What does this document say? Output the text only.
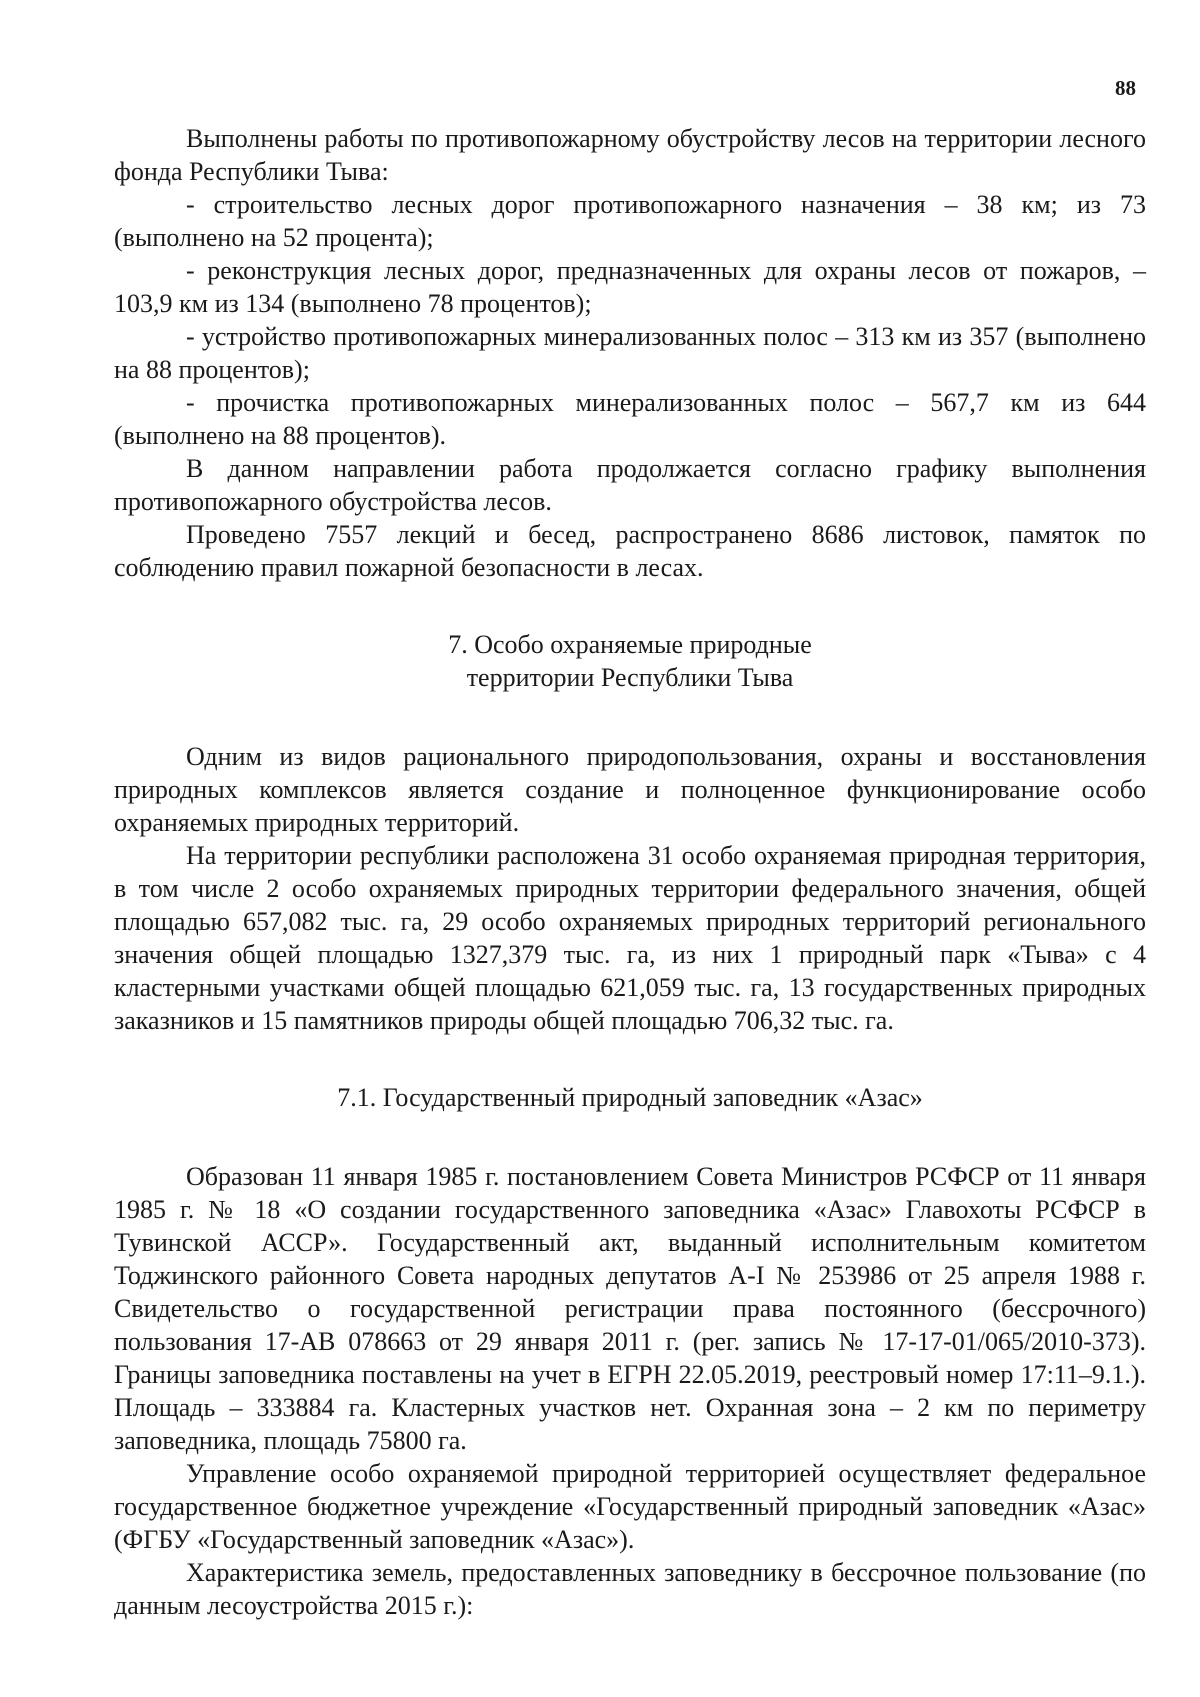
88

Выполнены работы по противопожарному обустройству лесов на территории лесного фонда Республики Тыва:

- строительство лесных дорог противопожарного назначения – 38 км; из 73 (выполнено на 52 процента);

- реконструкция лесных дорог, предназначенных для охраны лесов от пожаров, – 103,9 км из 134 (выполнено 78 процентов);

- устройство противопожарных минерализованных полос – 313 км из 357 (выполнено на 88 процентов);

- прочистка противопожарных минерализованных полос – 567,7 км из 644 (выполнено на 88 процентов).

В данном направлении работа продолжается согласно графику выполнения противопожарного обустройства лесов.

Проведено 7557 лекций и бесед, распространено 8686 листовок, памяток по соблюдению правил пожарной безопасности в лесах.

7. Особо охраняемые природные

территории Республики Тыва

Одним из видов рационального природопользования, охраны и восстановления природных комплексов является создание и полноценное функционирование особо охраняемых природных территорий.

На территории республики расположена 31 особо охраняемая природная территория, в том числе 2 особо охраняемых природных территории федерального значения, общей площадью 657,082 тыс. га, 29 особо охраняемых природных территорий регионального значения общей площадью 1327,379 тыс. га, из них 1 природный парк «Тыва» с 4 кластерными участками общей площадью 621,059 тыс. га, 13 государственных природных заказников и 15 памятников природы общей площадью 706,32 тыс. га.

7.1. Государственный природный заповедник «Азас»

Образован 11 января 1985 г. постановлением Совета Министров РСФСР от 11 января 1985 г. № 18 «О создании государственного заповедника «Азас» Главохоты РСФСР в Тувинской АССР». Государственный акт, выданный исполнительным комитетом Тоджинского районного Совета народных депутатов А-I № 253986 от 25 апреля 1988 г. Свидетельство о государственной регистрации права постоянного (бессрочного) пользования 17-АВ 078663 от 29 января 2011 г. (рег. запись № 17-17-01/065/2010-373). Границы заповедника поставлены на учет в ЕГРН 22.05.2019, реестровый номер 17:11–9.1.). Площадь – 333884 га. Кластерных участков нет. Охранная зона – 2 км по периметру заповедника, площадь 75800 га.

Управление особо охраняемой природной территорией осуществляет федеральное государственное бюджетное учреждение «Государственный природный заповедник «Азас» (ФГБУ «Государственный заповедник «Азас»).

Характеристика земель, предоставленных заповеднику в бессрочное пользование (по данным лесоустройства 2015 г.):
